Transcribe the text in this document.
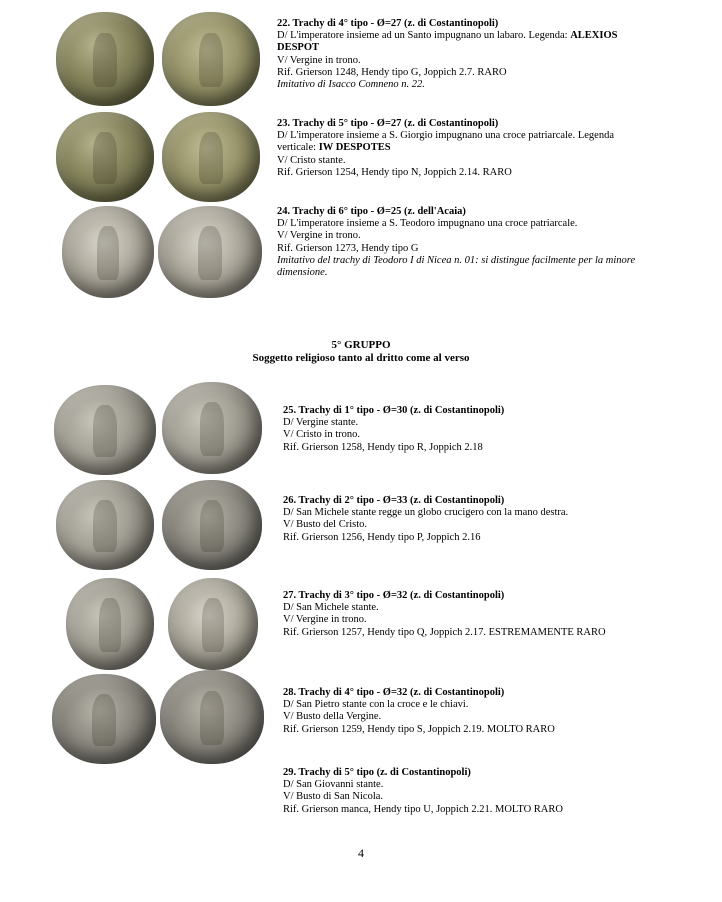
22. Trachy di 4° tipo - Ø=27 (z. di Costantinopoli)
D/ L'imperatore insieme ad un Santo impugnano un labaro. Legenda: ALEXIOS
DESPOT
V/ Vergine in trono.
Rif. Grierson 1248, Hendy tipo G, Joppich 2.7. RARO
Imitativo di Isacco Comneno n. 22.
23. Trachy di 5° tipo - Ø=27 (z. di Costantinopoli)
D/ L'imperatore insieme a S. Giorgio impugnano una croce patriarcale. Legenda
verticale: IW DESPOTES
V/ Cristo stante.
Rif. Grierson 1254, Hendy tipo N, Joppich 2.14. RARO
24. Trachy di 6° tipo - Ø=25 (z. dell'Acaia)
D/ L'imperatore insieme a S. Teodoro impugnano una croce patriarcale.
V/ Vergine in trono.
Rif. Grierson 1273, Hendy tipo G
Imitativo del trachy di Teodoro I di Nicea n. 01: si distingue facilmente per la minore
dimensione.
5° GRUPPO
Soggetto religioso tanto al dritto come al verso
25. Trachy di 1° tipo - Ø=30 (z. di Costantinopoli)
D/ Vergine stante.
V/ Cristo in trono.
Rif. Grierson 1258, Hendy tipo R, Joppich 2.18
26. Trachy di 2° tipo - Ø=33 (z. di Costantinopoli)
D/ San Michele stante regge un globo crucigero con la mano destra.
V/ Busto del Cristo.
Rif. Grierson 1256, Hendy tipo P, Joppich 2.16
27. Trachy di 3° tipo - Ø=32 (z. di Costantinopoli)
D/ San Michele stante.
V/ Vergine in trono.
Rif. Grierson 1257, Hendy tipo Q, Joppich 2.17. ESTREMAMENTE RARO
28. Trachy di 4° tipo - Ø=32 (z. di Costantinopoli)
D/ San Pietro stante con la croce e le chiavi.
V/ Busto della Vergine.
Rif. Grierson 1259, Hendy tipo S, Joppich 2.19. MOLTO RARO
29. Trachy di 5° tipo (z. di Costantinopoli)
D/ San Giovanni stante.
V/ Busto di San Nicola.
Rif. Grierson manca, Hendy tipo U, Joppich 2.21. MOLTO RARO
4
